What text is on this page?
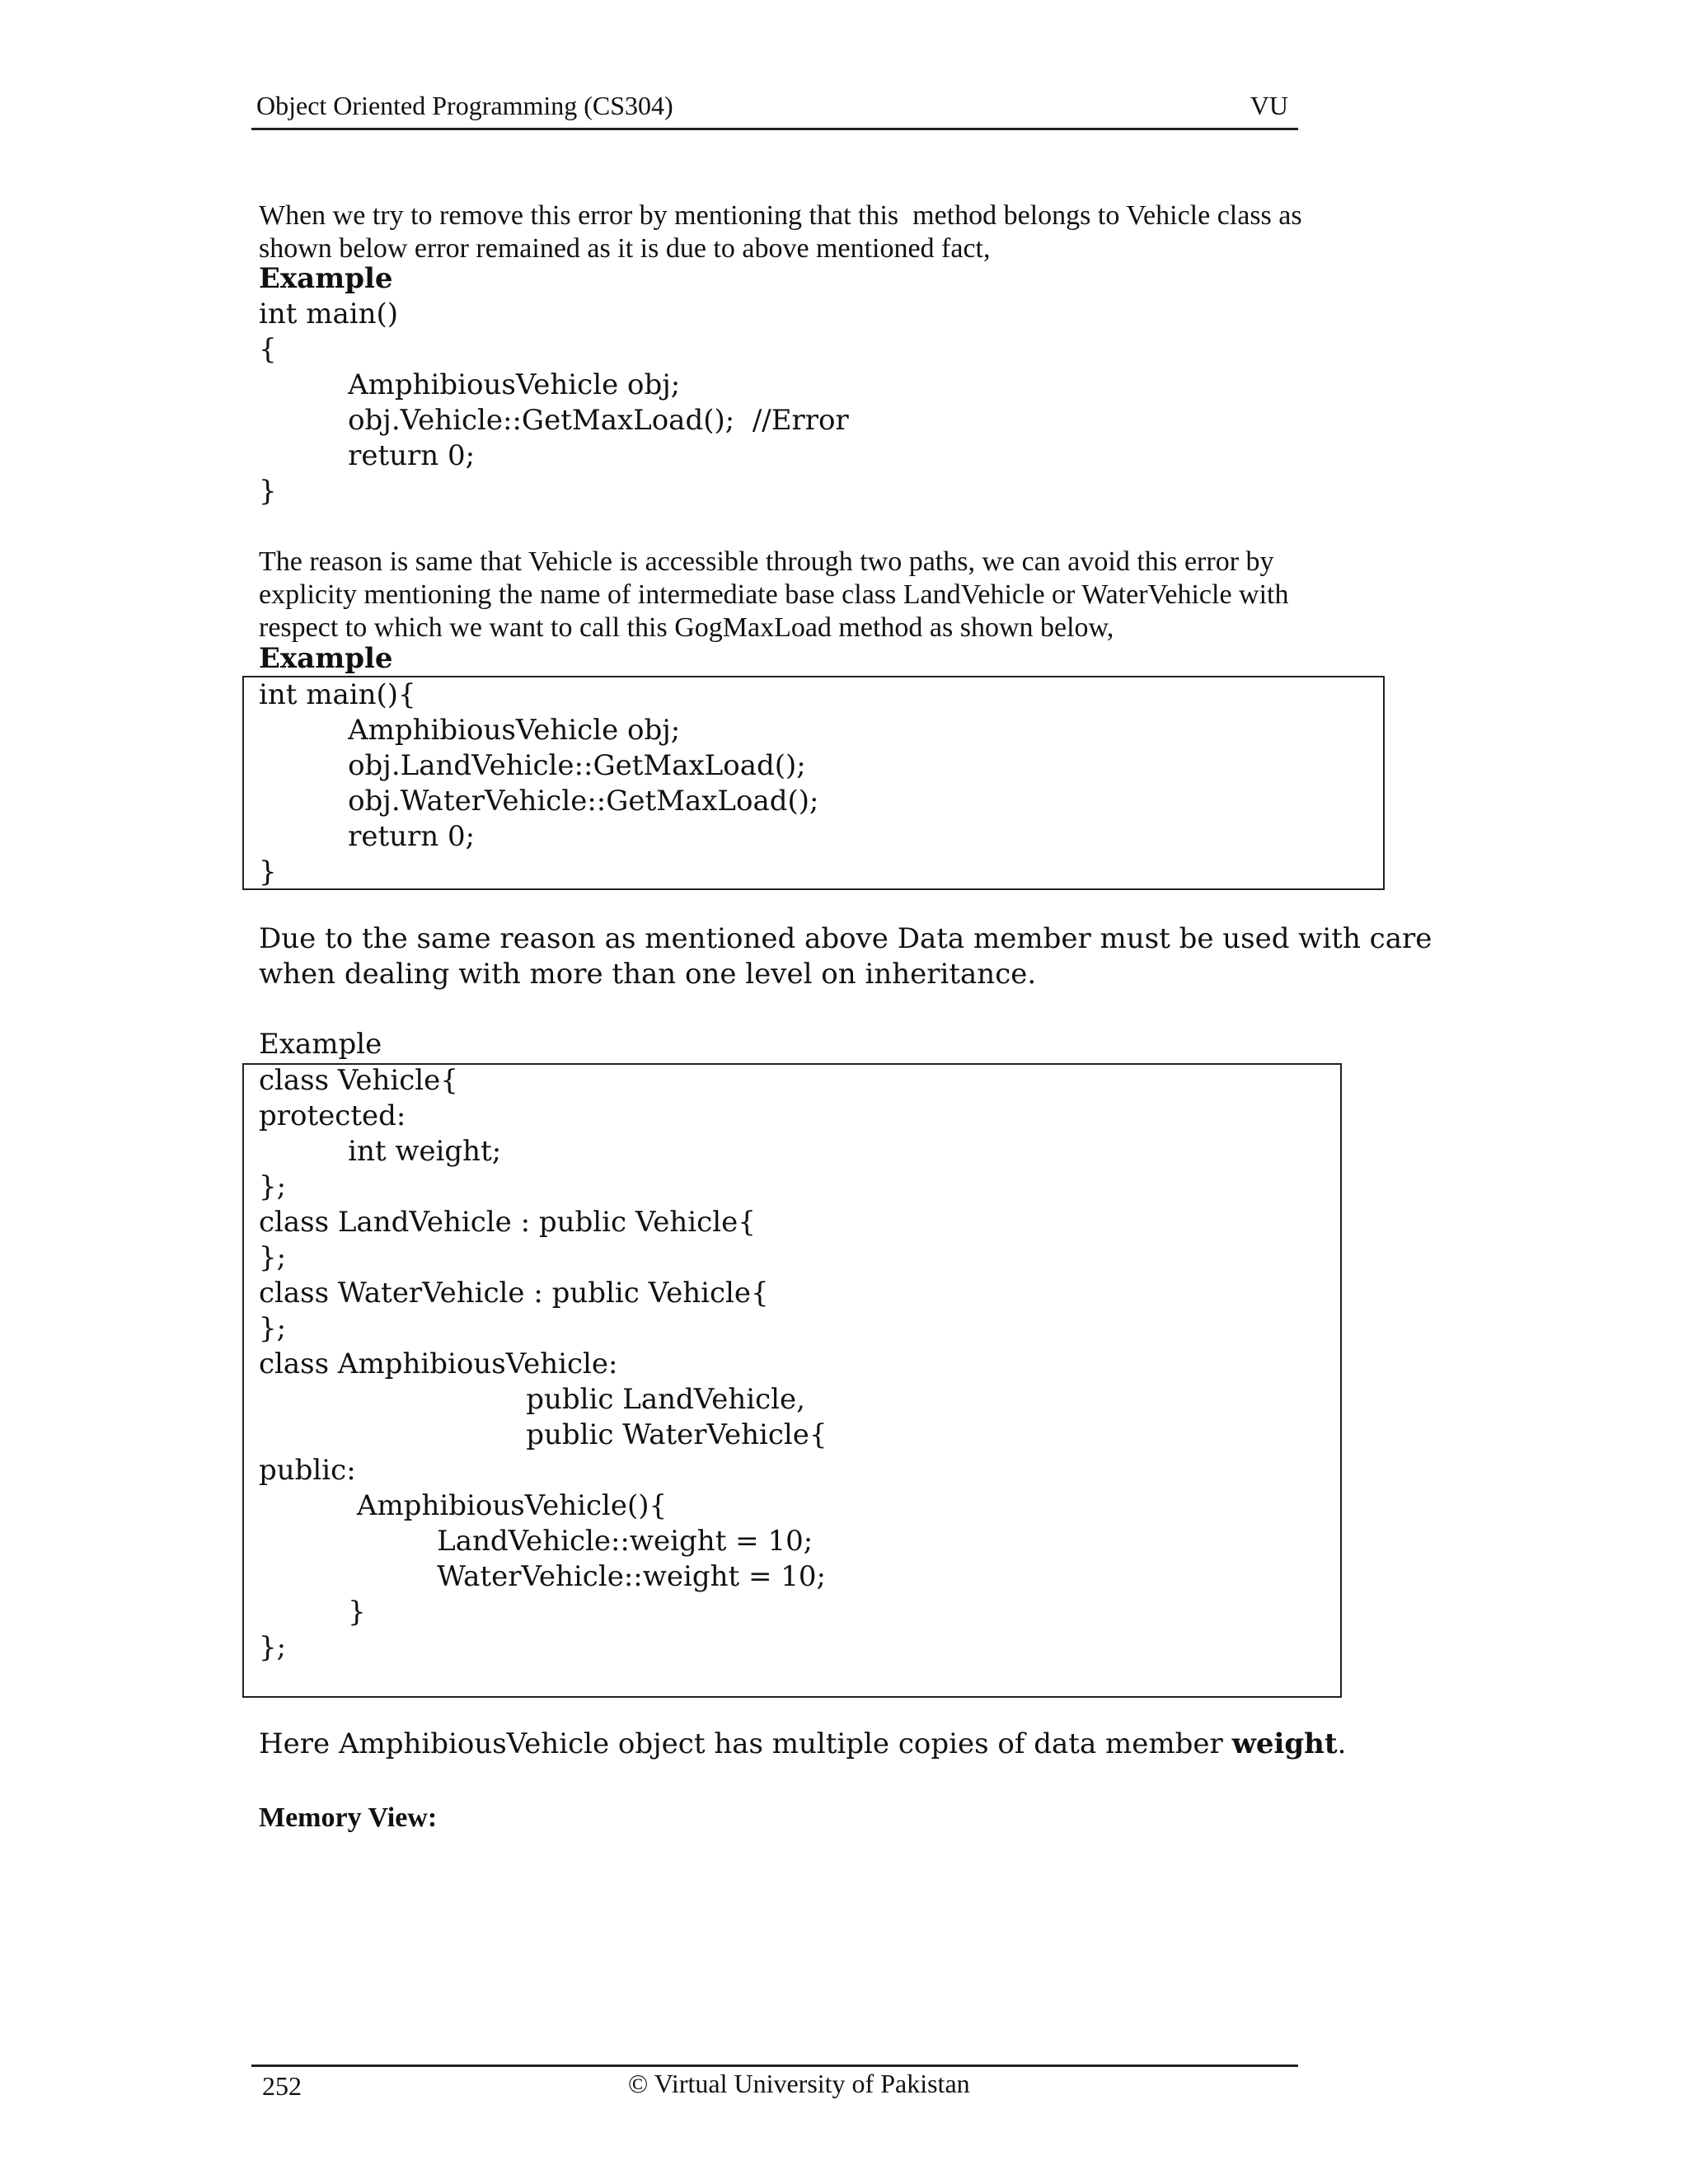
Object Oriented Programming (CS304)	VU
When we try to remove this error by mentioning that this  method belongs to Vehicle class as
shown below error remained as it is due to above mentioned fact,
Example
int main()
{
AmphibiousVehicle obj;
obj.Vehicle::GetMaxLoad();  //Error
return 0;
}
The reason is same that Vehicle is accessible through two paths, we can avoid this error by
explicity mentioning the name of intermediate base class LandVehicle or WaterVehicle with
respect to which we want to call this GogMaxLoad method as shown below,
Example
int main(){
AmphibiousVehicle obj;
obj.LandVehicle::GetMaxLoad();
obj.WaterVehicle::GetMaxLoad();
return 0;
}
Due to the same reason as mentioned above Data member must be used with care
when dealing with more than one level on inheritance.
Example
class Vehicle{
protected:
int weight;
};
class LandVehicle : public Vehicle{
};
class WaterVehicle : public Vehicle{
};
class AmphibiousVehicle:
public LandVehicle,
public WaterVehicle{
public:
AmphibiousVehicle(){
LandVehicle::weight = 10;
WaterVehicle::weight = 10;
}
};
Here AmphibiousVehicle object has multiple copies of data member weight.
Memory View:
252	© Virtual University of Pakistan
